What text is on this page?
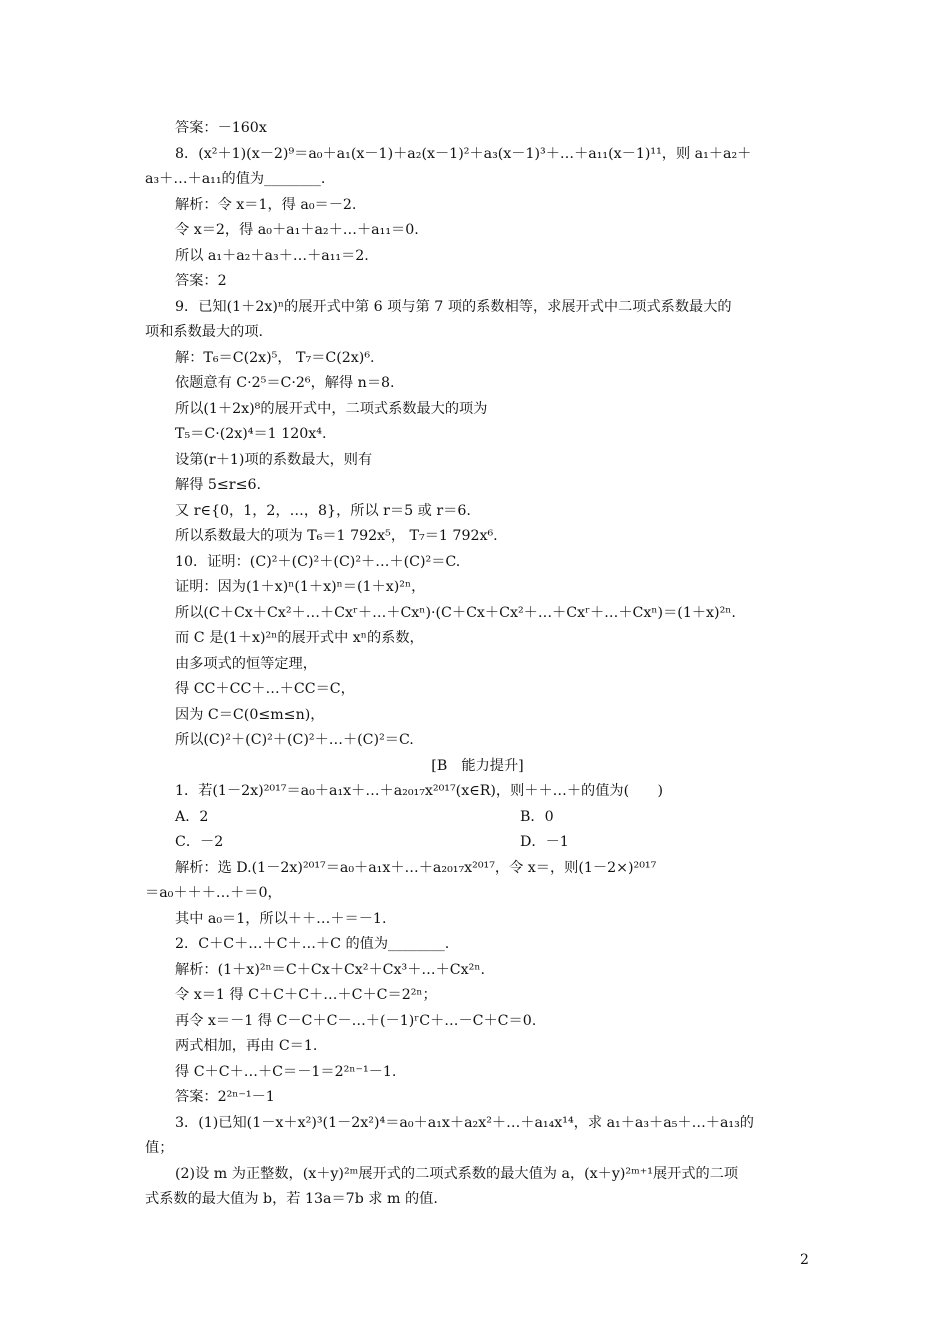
答案：－160x
8．(x²＋1)(x－2)⁹＝a₀＋a₁(x－1)＋a₂(x－1)²＋a₃(x－1)³＋…＋a₁₁(x－1)¹¹，则 a₁＋a₂＋
a₃＋…＋a₁₁的值为________.
解析：令 x＝1，得 a₀＝－2.
令 x＝2，得 a₀＋a₁＋a₂＋…＋a₁₁＝0.
所以 a₁＋a₂＋a₃＋…＋a₁₁＝2.
答案：2
9．已知(1＋2x)ⁿ的展开式中第 6 项与第 7 项的系数相等，求展开式中二项式系数最大的
项和系数最大的项.
解：T₆＝C(2x)⁵， T₇＝C(2x)⁶.
依题意有 C·2⁵＝C·2⁶，解得 n＝8.
所以(1＋2x)⁸的展开式中，二项式系数最大的项为
T₅＝C·(2x)⁴＝1 120x⁴.
设第(r＋1)项的系数最大，则有
解得 5≤r≤6.
又 r∈{0，1，2，…，8}，所以 r＝5 或 r＝6.
所以系数最大的项为 T₆＝1 792x⁵， T₇＝1 792x⁶.
10．证明：(C)²＋(C)²＋(C)²＋…＋(C)²＝C.
证明：因为(1＋x)ⁿ(1＋x)ⁿ＝(1＋x)²ⁿ，
所以(C＋Cx＋Cx²＋…＋Cxʳ＋…＋Cxⁿ)·(C＋Cx＋Cx²＋…＋Cxʳ＋…＋Cxⁿ)＝(1＋x)²ⁿ.
而 C 是(1＋x)²ⁿ的展开式中 xⁿ的系数，
由多项式的恒等定理，
得 CC＋CC＋…＋CC＝C，
因为 C＝C(0≤m≤n)，
所以(C)²＋(C)²＋(C)²＋…＋(C)²＝C.
[B　能力提升]
1．若(1－2x)²⁰¹⁷＝a₀＋a₁x＋…＋a₂₀₁₇x²⁰¹⁷(x∈R)，则＋＋…＋的值为(　　)
A．2	B．0
C．－2	D．－1
解析：选 D.(1－2x)²⁰¹⁷＝a₀＋a₁x＋…＋a₂₀₁₇x²⁰¹⁷，令 x＝，则(1－2×)²⁰¹⁷
＝a₀＋＋＋…＋＝0，
其中 a₀＝1，所以＋＋…＋＝－1.
2．C＋C＋…＋C＋…＋C 的值为________.
解析：(1＋x)²ⁿ＝C＋Cx＋Cx²＋Cx³＋…＋Cx²ⁿ.
令 x＝1 得 C＋C＋C＋…＋C＋C＝2²ⁿ；
再令 x＝－1 得 C－C＋C－…＋(－1)ʳC＋…－C＋C＝0.
两式相加，再由 C＝1.
得 C＋C＋…＋C＝－1＝2²ⁿ⁻¹－1.
答案：2²ⁿ⁻¹－1
3．(1)已知(1－x＋x²)³(1－2x²)⁴＝a₀＋a₁x＋a₂x²＋…＋a₁₄x¹⁴，求 a₁＋a₃＋a₅＋…＋a₁₃的
值；
(2)设 m 为正整数，(x＋y)²ᵐ展开式的二项式系数的最大值为 a，(x＋y)²ᵐ⁺¹展开式的二项
式系数的最大值为 b，若 13a＝7b 求 m 的值.
2
